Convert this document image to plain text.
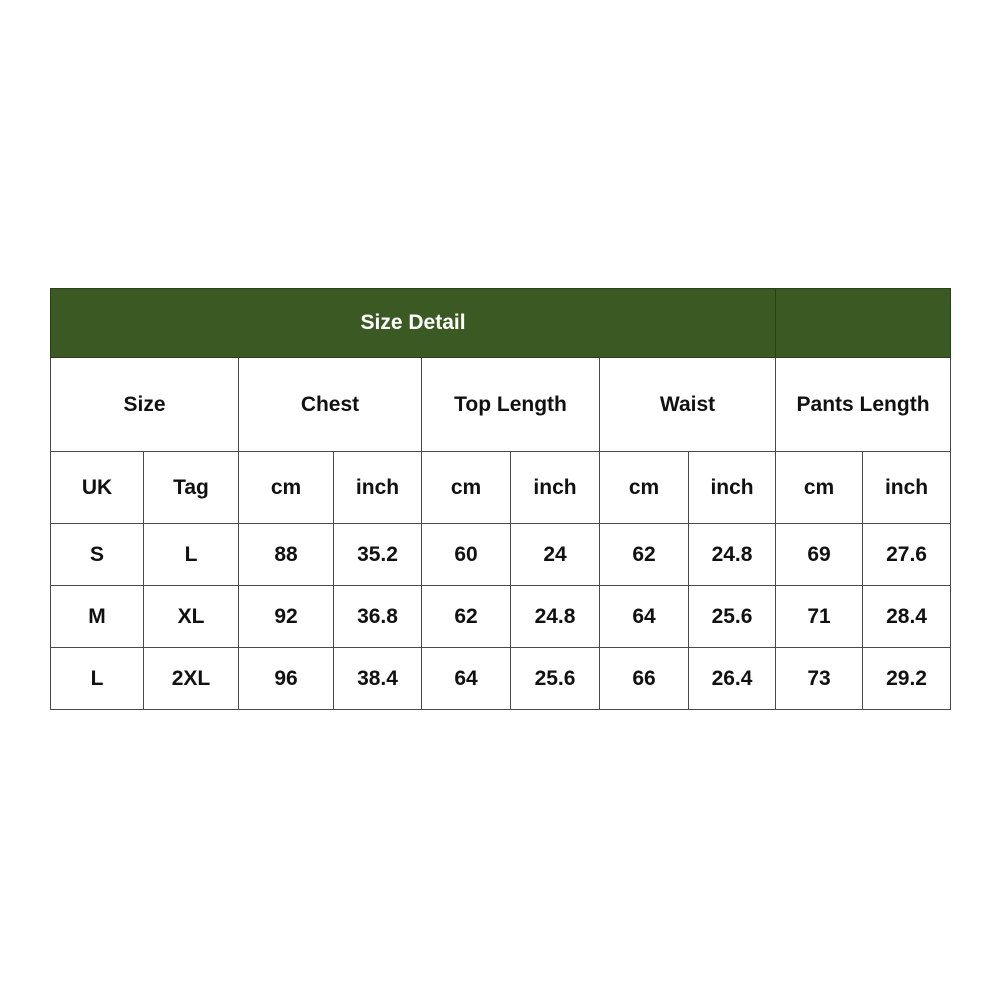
Size Detail									
Size		Chest		Top Length		Waist		Pants Length	
UK	Tag	cm	inch	cm	inch	cm	inch	cm	inch
S	L	88	35.2	60	24	62	24.8	69	27.6
M	XL	92	36.8	62	24.8	64	25.6	71	28.4
L	2XL	96	38.4	64	25.6	66	26.4	73	29.2
